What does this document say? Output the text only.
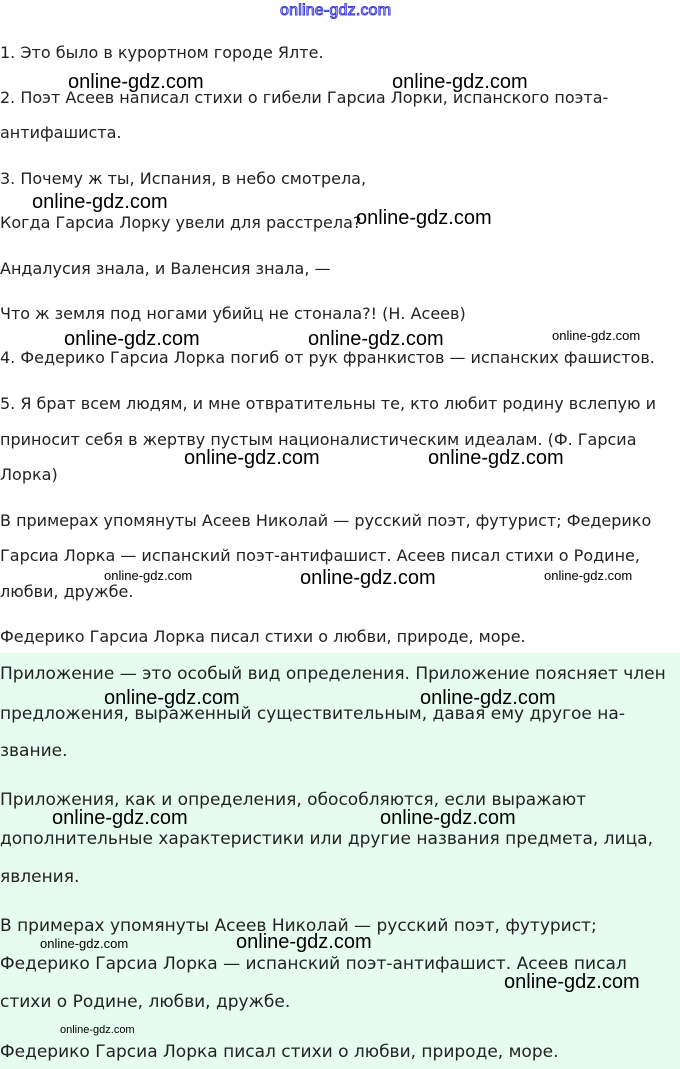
online-gdz.com
1. Это было в курортном городе Ялте.
2. Поэт Асеев написал стихи о гибели Гарсиа Лорки, испанского поэта-
антифашиста.
3. Почему ж ты, Испания, в небо смотрела,
Когда Гарсиа Лорку увели для расстрела?
Андалусия знала, и Валенсия знала, —
Что ж земля под ногами убийц не стонала?! (Н. Асеев)
4. Федерико Гарсиа Лорка погиб от рук франкистов — испанских фашистов.
5. Я брат всем людям, и мне отвратительны те, кто любит родину вслепую и
приносит себя в жертву пустым националистическим идеалам. (Ф. Гарсиа
Лорка)
В примерах упомянуты Асеев Николай — русский поэт, футурист; Федерико
Гарсиа Лорка — испанский поэт-антифашист. Асеев писал стихи о Родине,
любви, дружбе.
Федерико Гарсиа Лорка писал стихи о любви, природе, море.
Приложение — это особый вид определения. Приложение поясняет член
предложения, выраженный существительным, давая ему другое на-
звание.
Приложения, как и определения, обособляются, если выражают
дополнительные характеристики или другие названия предмета, лица,
явления.
В примерах упомянуты Асеев Николай — русский поэт, футурист;
Федерико Гарсиа Лорка — испанский поэт-антифашист. Асеев писал
стихи о Родине, любви, дружбе.
Федерико Гарсиа Лорка писал стихи о любви, природе, море.
online-gdz.com	online-gdz.com
online-gdz.com
online-gdz.com
online-gdz.com	online-gdz.com	online-gdz.com
online-gdz.com	online-gdz.com
online-gdz.com	online-gdz.com	online-gdz.com
online-gdz.com	online-gdz.com
online-gdz.com	online-gdz.com
online-gdz.com	online-gdz.com
online-gdz.com
online-gdz.com
